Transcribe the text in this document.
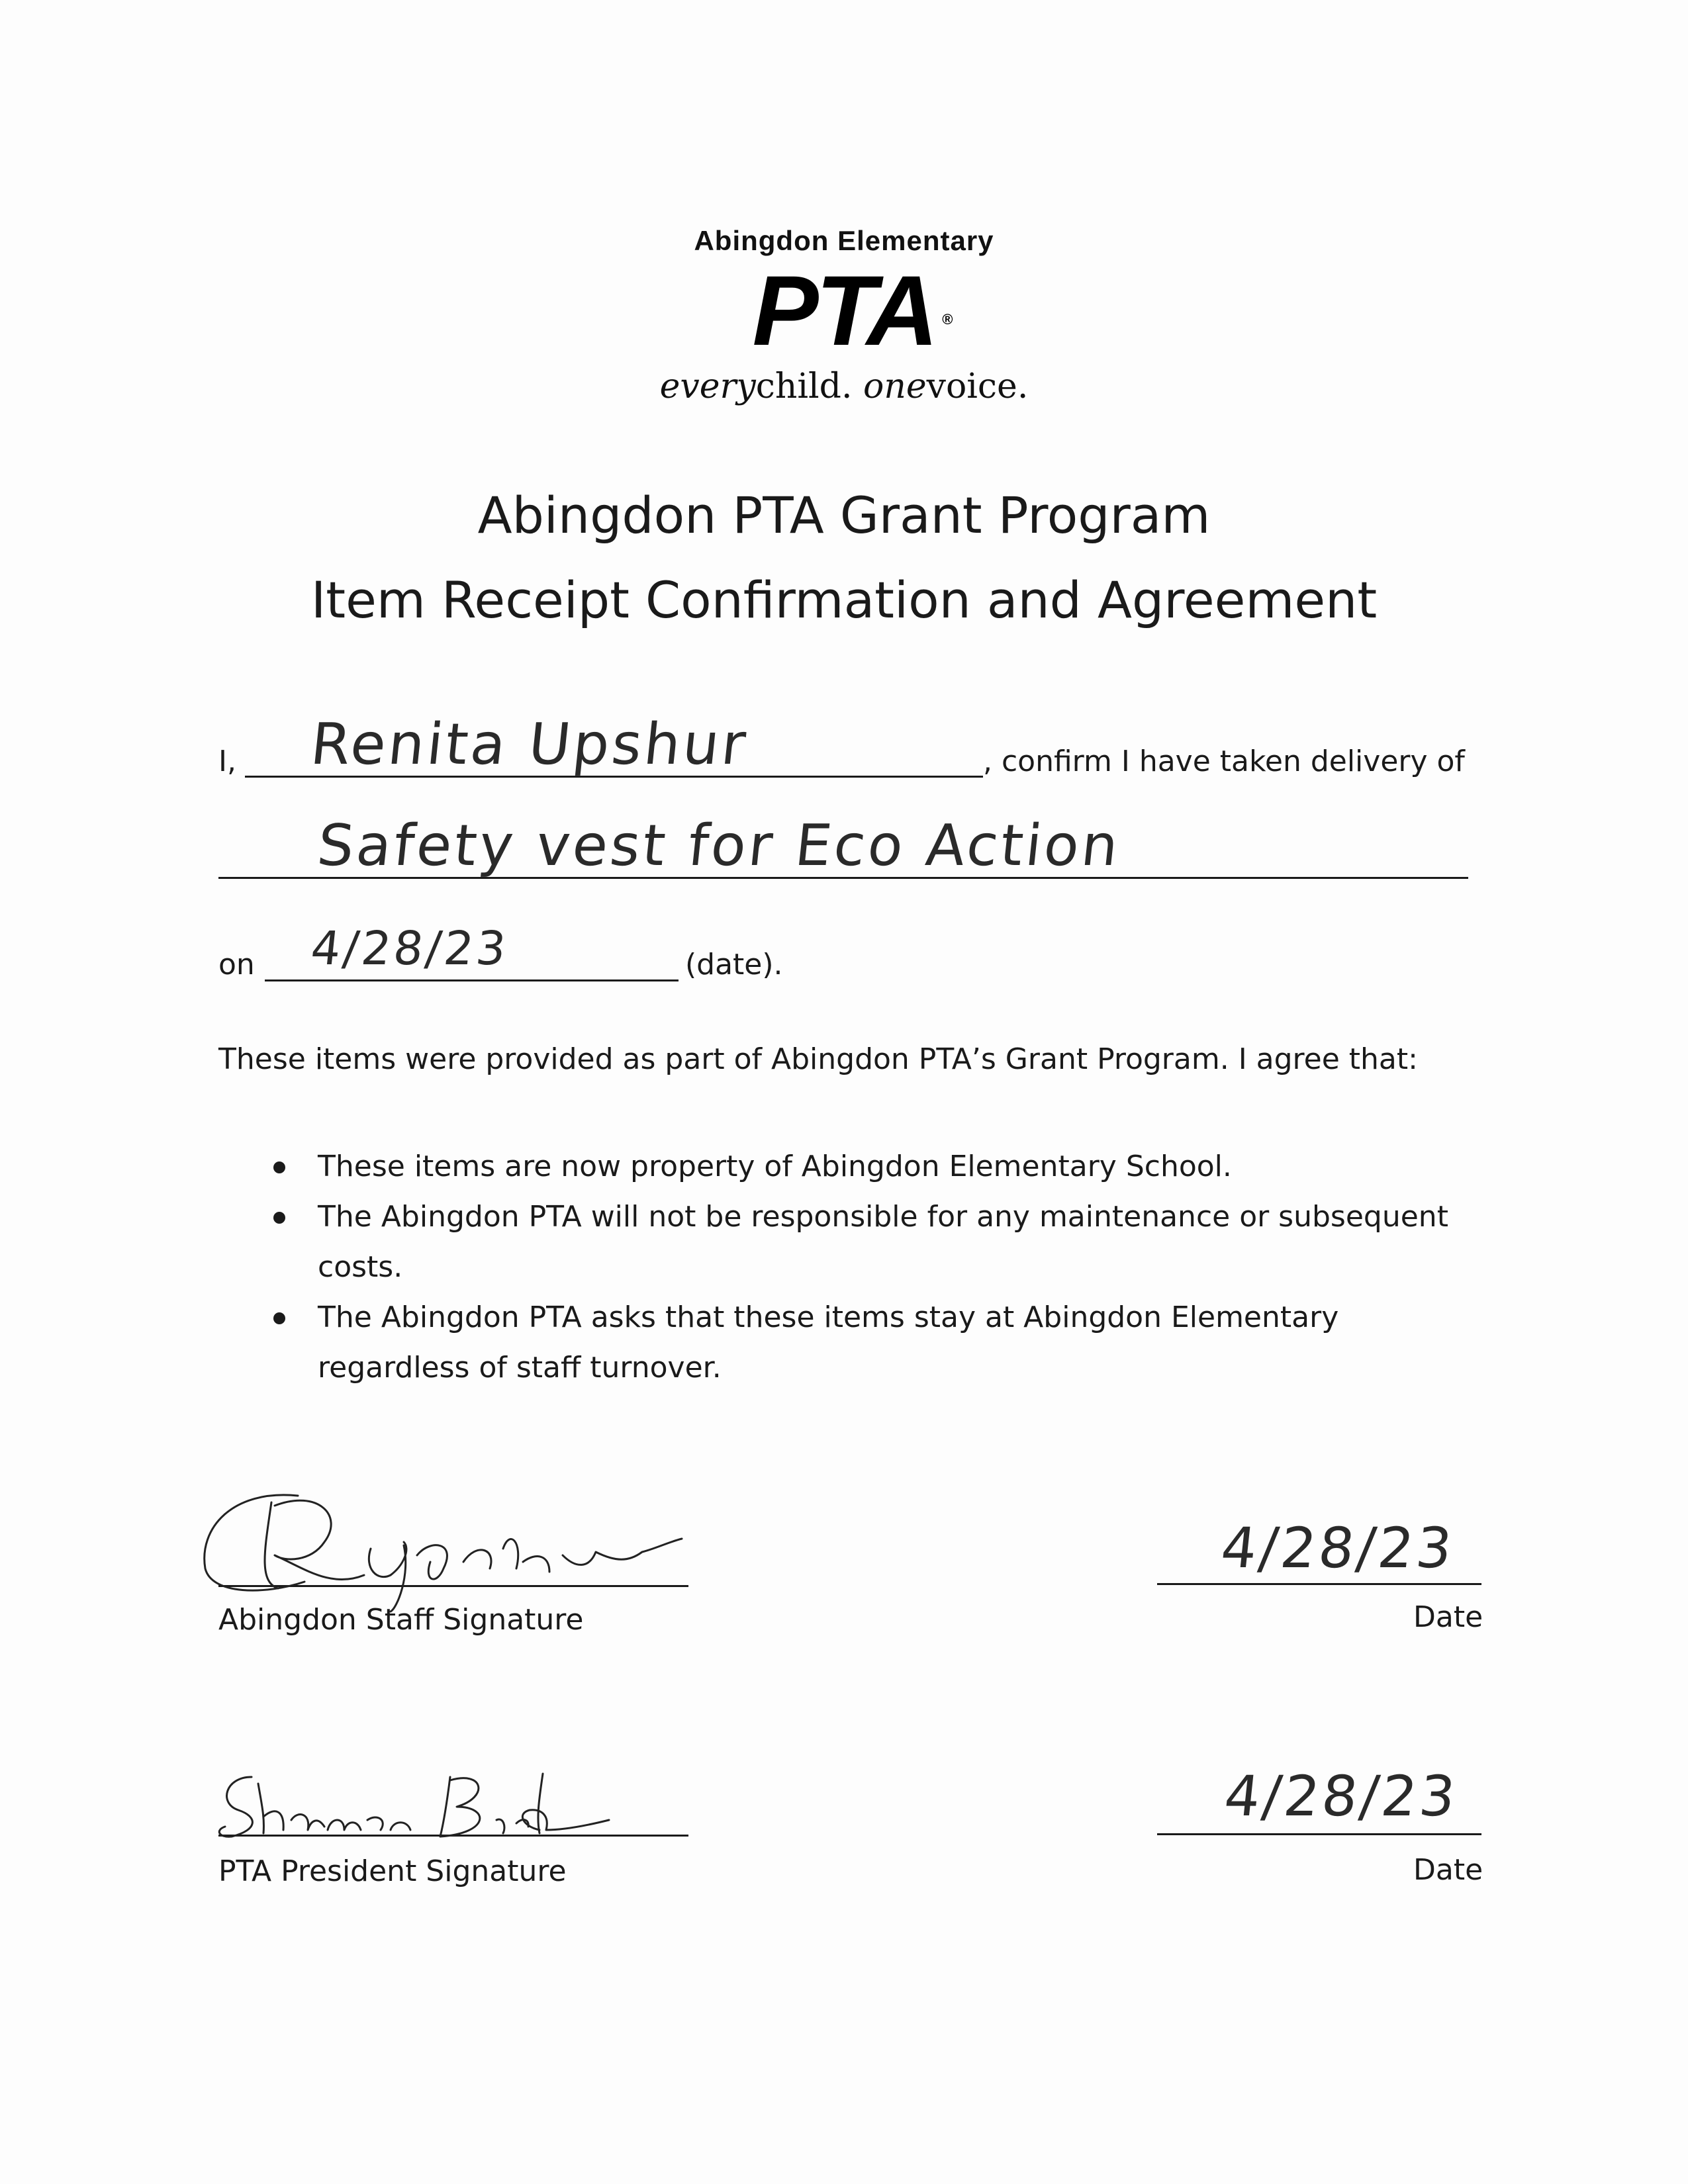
Abingdon Elementary
PTA ®
everychild. onevoice.
Abingdon PTA Grant Program
Item Receipt Confirmation and Agreement
I, Renita Upshur	, confirm I have taken delivery of
Safety vest for Eco Action
on 4/28/23	(date).
These items were provided as part of Abingdon PTA’s Grant Program. I agree that:
These items are now property of Abingdon Elementary School.
The Abingdon PTA will not be responsible for any maintenance or subsequent costs.
The Abingdon PTA asks that these items stay at Abingdon Elementary regardless of staff turnover.
Abingdon Staff Signature
4/28/23
Date
PTA President Signature
4/28/23
Date
